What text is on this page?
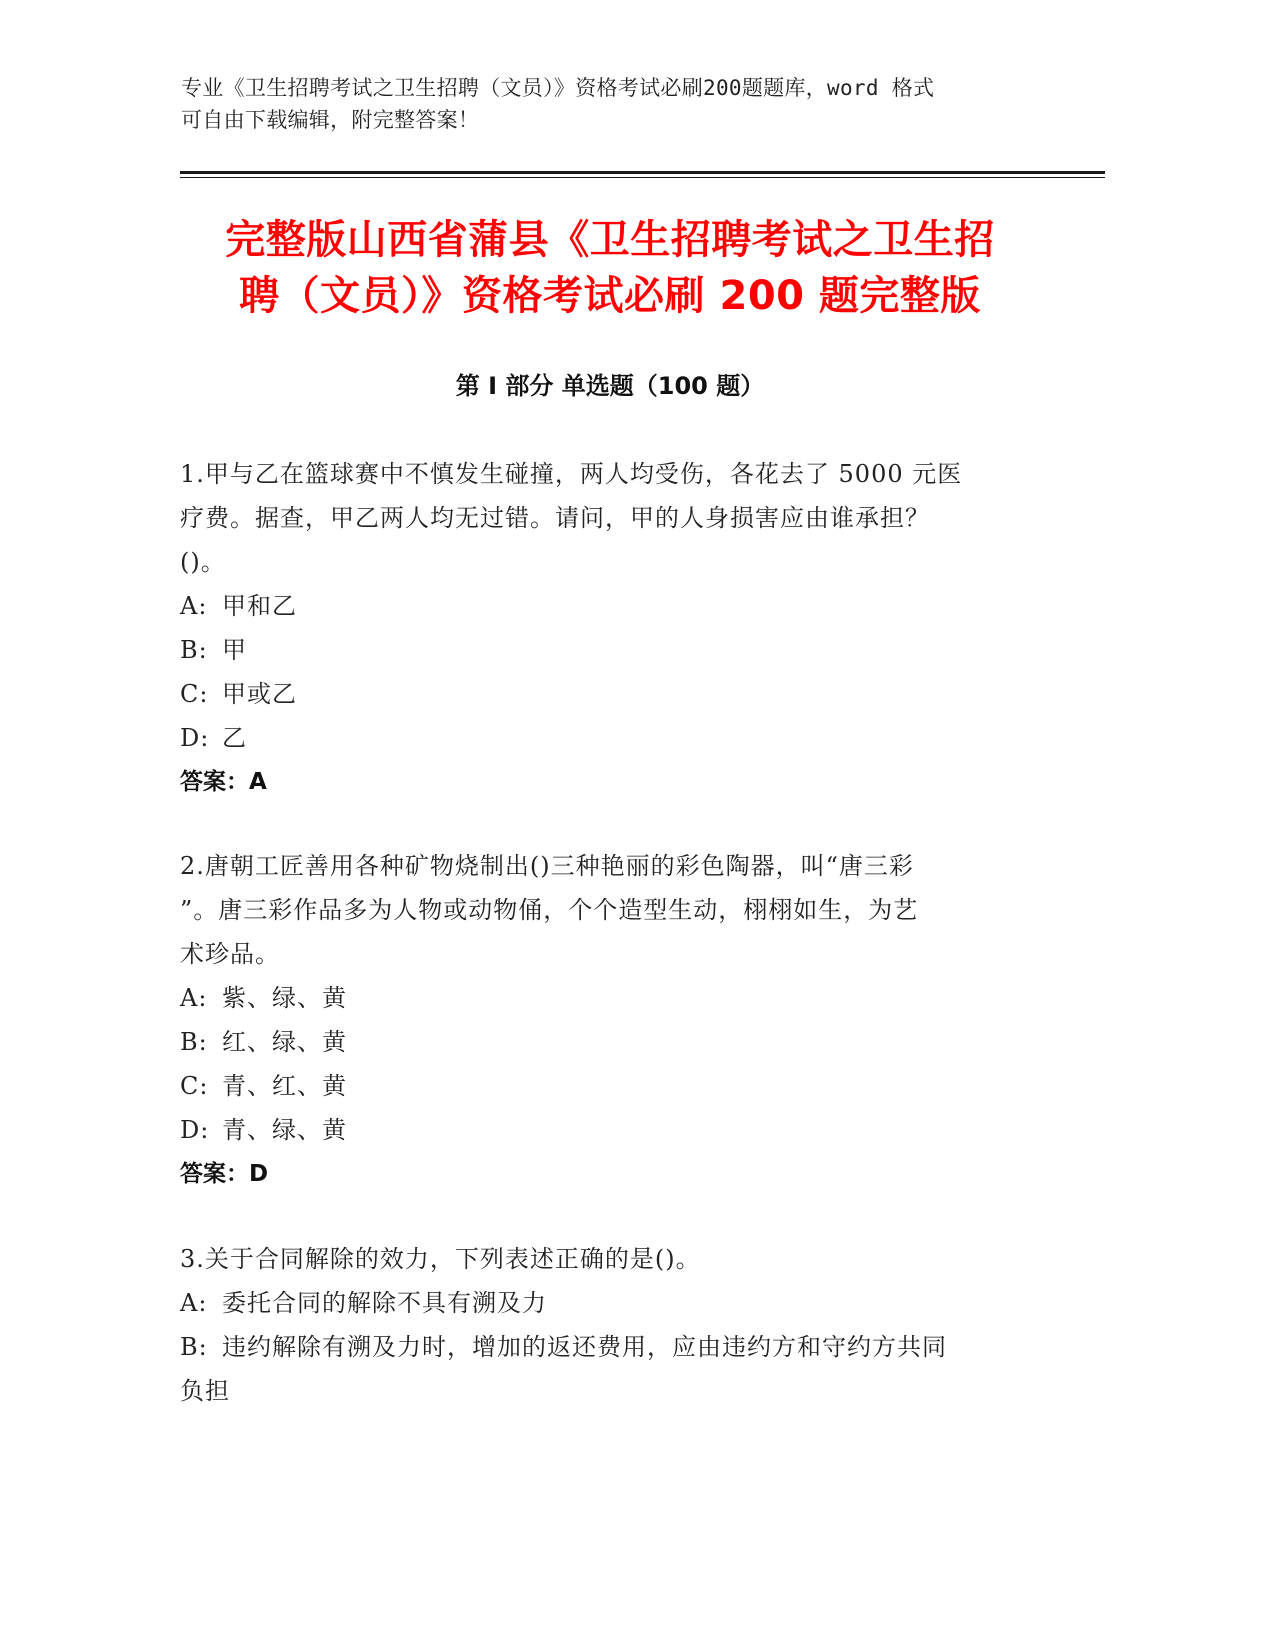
专业《卫生招聘考试之卫生招聘（文员）》资格考试必刷200题题库，word 格式
可自由下载编辑，附完整答案！
完整版山西省蒲县《卫生招聘考试之卫生招
聘（文员）》资格考试必刷 200 题完整版
第 I 部分 单选题（100 题）
1.甲与乙在篮球赛中不慎发生碰撞，两人均受伤，各花去了 5000 元医
疗费。据查，甲乙两人均无过错。请问，甲的人身损害应由谁承担？
()。
A: 甲和乙
B: 甲
C: 甲或乙
D: 乙
答案：A
2.唐朝工匠善用各种矿物烧制出()三种艳丽的彩色陶器，叫“唐三彩
”。唐三彩作品多为人物或动物俑，个个造型生动，栩栩如生，为艺
术珍品。
A: 紫、绿、黄
B: 红、绿、黄
C: 青、红、黄
D: 青、绿、黄
答案：D
3.关于合同解除的效力，下列表述正确的是()。
A: 委托合同的解除不具有溯及力
B: 违约解除有溯及力时，增加的返还费用，应由违约方和守约方共同
负担
